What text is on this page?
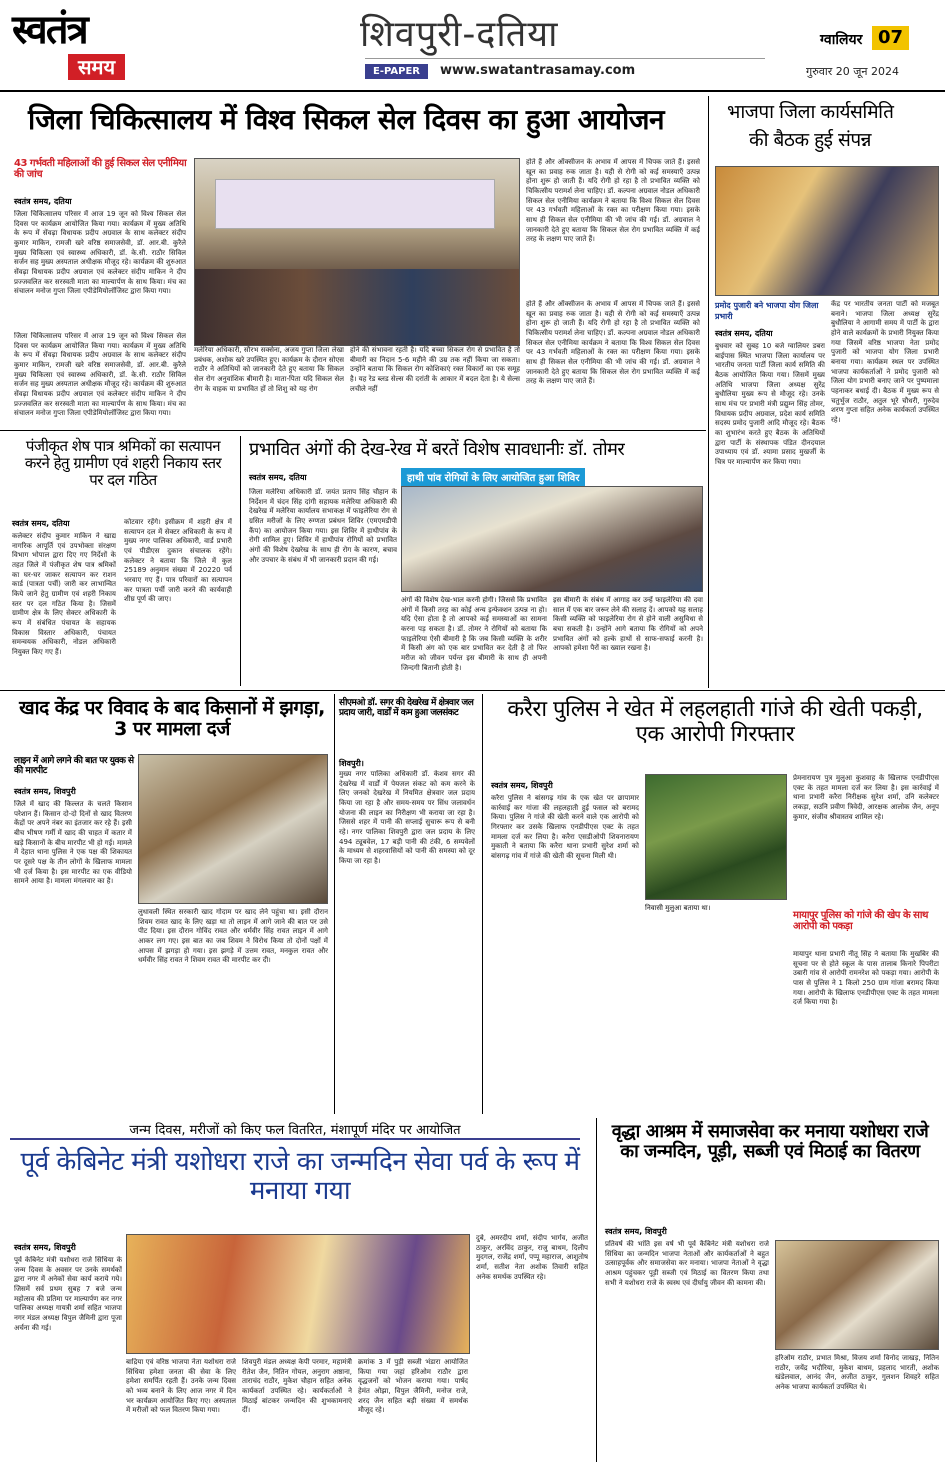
स्वतंत्र
समय
शिवपुरी-दतिया
E-PAPER	www.swatantrasamay.com
ग्वालियर 07
गुरुवार 20 जून 2024
जिला चिकित्सालय में विश्व सिकल सेल दिवस का हुआ आयोजन
43 गर्भवती महिलाओं की हुई सिकल सेल एनीमिया की जांच
स्वतंत्र समय, दतिया
जिला चिकित्सालय परिसर में आज 19 जून को विश्व सिकल सेल दिवस पर कार्यक्रम आयोजित किया गया। कार्यक्रम में मुख्य अतिथि के रूप में सेंवढ़ा विधायक प्रदीप अग्रवाल के साथ कलेक्टर संदीप कुमार माकिन, रामजी खरे वरिष्ठ समाजसेवी, डॉ. आर.बी. कुरैले मुख्य चिकित्सा एवं स्वास्थ्य अधिकारी, डॉ. के.सी. राठौर सिविल सर्जन सह मुख्य अस्पताल अधीक्षक मौजूद रहे। कार्यक्रम की शुरुआत सेंवढ़ा विधायक प्रदीप अग्रवाल एवं कलेक्टर संदीप माकिन ने दीप प्रज्जवलित कर सरस्वती माता का माल्यार्पण के साथ किया। मंच का संचालन मनोज गुप्ता जिला एपीडेमियोलॉजिस्ट द्वारा किया गया।
होते हैं और ऑक्सीजन के अभाव में आपस में चिपक जाते हैं। इससे खून का प्रवाह रुक जाता है। यही से रोगी को कई समस्याएँ उत्पन्न होना शुरू हो जाती हैं। यदि रोगी हो रहा है तो प्रभावित व्यक्ति को चिकित्सीय परामर्श लेना चाहिए। डॉ. कल्पना अग्रवाल नोडल अधिकारी सिकल सेल एनीमिया कार्यक्रम ने बताया कि विश्व सिकल सेल दिवस पर 43 गर्भवती महिलाओं के रक्त का परीक्षण किया गया। इसके साथ ही सिकल सेल एनीमिया की भी जांच की गई। डॉ. अग्रवाल ने जानकारी देते हुए बताया कि सिकल सेल रोग प्रभावित व्यक्ति में कई तरह के लक्षण पाए जाते हैं।
मलेरिया अधिकारी, सौरभ सक्सेना, अजय गुप्ता जिला लेखा प्रबंधक, अशोक खरे उपस्थित हुए। कार्यक्रम के दौरान सोएस राठौर ने अतिथियों को जानकारी देते हुए बताया कि सिकल सेल रोग अनुवांशिक बीमारी है। माता-पिता यदि सिकल सेल रोग के वाहक या प्रभावित हों तो शिशु को यह रोग
होने की संभावना रहती है। यदि बच्चा सिकल रोग से प्रभावित है तो बीमारी का निदान 5-6 महीने की उम्र तक नहीं किया जा सकता। उन्होंने बताया कि सिकल रोग कोशिकाएं रक्त विकारों का एक समूह है। यह रेड ब्लड सेल्स की दरांती के आकार में बदल देता है। ये सेल्स लचीले नहीं
होते हैं और ऑक्सीजन के अभाव में आपस में चिपक जाते हैं। इससे खून का प्रवाह रुक जाता है। यही से रोगी को कई समस्याएँ उत्पन्न होना शुरू हो जाती हैं। यदि रोगी हो रहा है तो प्रभावित व्यक्ति को चिकित्सीय परामर्श लेना चाहिए। डॉ. कल्पना अग्रवाल नोडल अधिकारी सिकल सेल एनीमिया कार्यक्रम ने बताया कि विश्व सिकल सेल दिवस पर 43 गर्भवती महिलाओं के रक्त का परीक्षण किया गया। इसके साथ ही सिकल सेल एनीमिया की भी जांच की गई। डॉ. अग्रवाल ने जानकारी देते हुए बताया कि सिकल सेल रोग प्रभावित व्यक्ति में कई तरह के लक्षण पाए जाते हैं।
जिला चिकित्सालय परिसर में आज 19 जून को विश्व सिकल सेल दिवस पर कार्यक्रम आयोजित किया गया। कार्यक्रम में मुख्य अतिथि के रूप में सेंवढ़ा विधायक प्रदीप अग्रवाल के साथ कलेक्टर संदीप कुमार माकिन, रामजी खरे वरिष्ठ समाजसेवी, डॉ. आर.बी. कुरैले मुख्य चिकित्सा एवं स्वास्थ्य अधिकारी, डॉ. के.सी. राठौर सिविल सर्जन सह मुख्य अस्पताल अधीक्षक मौजूद रहे। कार्यक्रम की शुरुआत सेंवढ़ा विधायक प्रदीप अग्रवाल एवं कलेक्टर संदीप माकिन ने दीप प्रज्जवलित कर सरस्वती माता का माल्यार्पण के साथ किया। मंच का संचालन मनोज गुप्ता जिला एपीडेमियोलॉजिस्ट द्वारा किया गया।
भाजपा जिला कार्यसमिति
की बैठक हुई संपन्न
प्रमोद पुजारी बने भाजपा योग जिला प्रभारी
स्वतंत्र समय, दतिया
बुधवार को सुबह 10 बजे ग्वालियर डबरा बाईपास स्थित भाजपा जिला कार्यालय पर भारतीय जनता पार्टी जिला कार्य समिति की बैठक आयोजित किया गया। जिसमें मुख्य अतिथि भाजपा जिला अध्यक्ष सुरेंद्र बुधौलिया मुख्य रूप से मौजूद रहे। उनके साथ मंच पर प्रभारी मंत्री प्रद्युम्न सिंह तोमर, विधायक प्रदीप अग्रवाल, प्रदेश कार्य समिति सदस्य प्रमोद पुजारी आदि मौजूद रहे। बैठक का शुभारंभ करते हुए बैठक के अतिथियों द्वारा पार्टी के संस्थापक पंडित दीनदयाल उपाध्याय एवं डॉ. श्यामा प्रसाद मुखर्जी के चित्र पर माल्यार्पण कर किया गया।
केंद्र पर भारतीय जनता पार्टी को मजबूत बनाने। भाजपा जिला अध्यक्ष सुरेंद्र बुधौलिया ने आगामी समय में पार्टी के द्वारा होने वाले कार्यक्रमों के प्रभारी नियुक्त किया गया जिसमें वरिष्ठ भाजपा नेता प्रमोद पुजारी को भाजपा योग जिला प्रभारी बनाया गया। कार्यक्रम स्थल पर उपस्थित भाजपा कार्यकर्ताओं ने प्रमोद पुजारी को जिला योग प्रभारी बनाए जाने पर पुष्पमाला पहनाकर बधाई दी। बैठक में मुख्य रूप से चतुर्भुज राठौर, अतुल भूरे चौधरी, गुरुदेव शरण गुप्ता सहित अनेक कार्यकर्ता उपस्थित रहे।
पंजीकृत शेष पात्र श्रमिकों का सत्यापन करने हेतु ग्रामीण एवं शहरी निकाय स्तर पर दल गठित
स्वतंत्र समय, दतिया
कलेक्टर संदीप कुमार माकिन ने खाद्य नागरिक आपूर्ति एवं उपभोक्ता संरक्षण विभाग भोपाल द्वारा दिए गए निर्देशों के तहत जिले में पंजीकृत शेष पात्र श्रमिकों का घर-घर जाकर सत्यापन कर राशन कार्ड (पात्रता पर्ची) जारी कर लाभान्वित किये जाने हेतु ग्रामीण एवं शहरी निकाय स्तर पर दल गठित किया है। जिसमें ग्रामीण क्षेत्र के लिए सेक्टर अधिकारी के रूप में संबंधित पंचायत के सहायक विकास विस्तार अधिकारी, पंचायत समन्वयक अधिकारी, नोडल अधिकारी नियुक्त किए गए हैं।
कोटवार रहेंगे। इसीक्रम में शहरी क्षेत्र में सत्यापन दल में सेक्टर अधिकारी के रूप में मुख्य नगर पालिका अधिकारी, वार्ड प्रभारी एवं पीडीएस दुकान संचालक रहेंगे। कलेक्टर ने बताया कि जिले में कुल 25189 अनुमान संख्या में 20220 पर्व भरवाए गए हैं। पात्र परिवारों का सत्यापन कर पात्रता पर्ची जारी करने की कार्यवाही शीघ्र पूर्ण की जाए।
प्रभावित अंगों की देख-रेख में बरतें विशेष सावधानीः डॉ. तोमर
स्वतंत्र समय, दतिया	हाथी पांव रोगियों के लिए आयोजित हुआ शिविर
जिला मलेरिया अधिकारी डॉ. जयंत प्रताप सिंह चौहान के निर्देशन में चंदन सिंह दांगी सहायक मलेरिया अधिकारी की देखरेख में मलेरिया कार्यालय सभाकक्ष में फाइलेरिया रोग से ग्रसित मरीजों के लिए रुग्णता प्रबंधन शिविर (एमएमडीपी कैंप) का आयोजन किया गया। इस शिविर में हाथीपांव के रोगी शामिल हुए। शिविर में हाथीपांव रोगियों को प्रभावित अंगों की विशेष देखरेख के साथ ही रोग के कारण, बचाव और उपचार के संबंध में भी जानकारी प्रदान की गई।
अंगों की विशेष देख-भाल करनी होगी। जिससे कि प्रभावित अंगों में किसी तरह का कोई अन्य इन्फेक्शन उत्पन्न ना हो। यदि ऐसा होता है तो आपको कई समस्याओं का सामना करना पड़ सकता है। डॉ. तोमर ने रोगियों को बताया कि फाइलेरिया ऐसी बीमारी है कि जब किसी व्यक्ति के शरीर में किसी अंग को एक बार प्रभावित कर देती है तो फिर मरीज को जीवन पर्यन्त इस बीमारी के साथ ही अपनी जिन्दगी बितानी होती है।
इस बीमारी के संबंध में आगाह कर उन्हें फाइलेरिया की दवा साल में एक बार जरूर लेने की सलाह दें। आपको यह सलाह किसी व्यक्ति को फाइलेरिया रोग से होने वाली असुविधा से बचा सकती है। उन्होंने आगे बताया कि रोगियों को अपने प्रभावित अंगों को हल्के हाथों से साफ-सफाई करनी है। आपको हमेशा पैरों का ख्याल रखना है।
खाद केंद्र पर विवाद के बाद किसानों में झगड़ा, 3 पर मामला दर्ज
लाइन में आगे लगने की बात पर युवक से की मारपीट
स्वतंत्र समय, शिवपुरी
जिले में खाद की किल्लत के चलते किसान परेशान हैं। किसान दो-दो दिनों से खाद वितरण केंद्रों पर अपने नंबर का इंतजार कर रहे हैं। इसी बीच भीषण गर्मी में खाद की चाहत में कतार में खड़े किसानों के बीच मारपीट भी हो गई। मामले में देहात थाना पुलिस ने एक पक्ष की शिकायत पर दूसरे पक्ष के तीन लोगों के खिलाफ मामला भी दर्ज किया है। इस मारपीट का एक वीडियो सामने आया है। मामला मंगलवार का है।
लुधावली स्थित सरकारी खाद गोदाम पर खाद लेने पहुंचा था। इसी दौरान शिवम रावत खाद के लिए खड़ा था तो लाइन में आगे जाने की बात पर उसे पीट दिया। इस दौरान गोविंद रावत और धर्मवीर सिंह रावत लाइन में आगे आकर लग गए। इस बात का जब शिवम ने विरोध किया तो दोनों पक्षों में आपस में झगड़ा हो गया। इस झगड़े में उत्तम रावत, मनकुल रावत और धर्मवीर सिंह रावत ने शिवम रावत की मारपीट कर दी।
सीएमओ डॉ. सगर की देखरेख में क्षेत्रवार जल प्रदाय जारी, वार्डों में कम हुआ जलसंकट
शिवपुरी।
मुख्य नगर पालिका अधिकारी डॉ. केशव सगर की देखरेख में वार्डों में पेयजल संकट को कम करने के लिए जनको देखरेख में नियमित क्षेत्रवार जल प्रदाय किया जा रहा है और समय-समय पर सिंध जलावर्धन योजना की लाइन का निरीक्षण भी कराया जा रहा है। जिससे शहर में पानी की सप्लाई सुचारू रूप से बनी रहे। नगर पालिका शिवपुरी द्वारा जल प्रदाय के लिए 494 ट्यूबवेल, 17 बड़ी पानी की टंकी, 6 सम्पवेलों के माध्यम से शहरवासियों को पानी की समस्या को दूर किया जा रहा है।
करैरा पुलिस ने खेत में लहलहाती गांजे की खेती पकड़ी, एक आरोपी गिरफ्तार
स्वतंत्र समय, शिवपुरी
करैरा पुलिस ने बांसगढ़ गांव के एक खेत पर छापामार कार्रवाई कर गांजा की लहलहाती हुई फसल को बरामद किया। पुलिस ने गांजे की खेती करने वाले एक आरोपी को गिरफ्तार कर उसके खिलाफ एनडीपीएस एक्ट के तहत मामला दर्ज कर लिया है। करैरा एसडीओपी शिवनारायण मुकाती ने बताया कि करैरा थाना प्रभारी सुरेश शर्मा को बांसगढ़ गांव में गांजे की खेती की सूचना मिली थी।
निवासी मुलुआ बताया था।
प्रेमनारायण पुत्र मुलुआ कुशवाह के खिलाफ एनडीपीएस एक्ट के तहत मामला दर्ज कर लिया है। इस कार्रवाई में थाना प्रभारी करैरा निरीक्षक सुरेश शर्मा, उनि कलेक्टर लकड़ा, सउनि प्रवीण त्रिवेदी, आरक्षक आलोक जैन, अनूप कुमार, संजीव श्रीवास्तव शामिल रहे।
मायापुर पुलिस को गांजे की खेप के साथ आरोपी को पकड़ा
मायापुर थाना प्रभारी नीतू सिंह ने बताया कि मुखबिर की सूचना पर से होते स्कूल के पास तालाब किनारे पिपरीटा उबारी गांव से आरोपी रामनरेश को पकड़ा गया। आरोपी के पास से पुलिस ने 1 किलो 250 ग्राम गांजा बरामद किया गया। आरोपी के खिलाफ एनडीपीएस एक्ट के तहत मामला दर्ज किया गया है।
जन्म दिवस, मरीजों को किए फल वितरित, मंशापूर्ण मंदिर पर आयोजित
पूर्व केबिनेट मंत्री यशोधरा राजे का जन्मदिन सेवा पर्व के रूप में मनाया गया
स्वतंत्र समय, शिवपुरी
पूर्व केबिनेट मंत्री यशोधरा राजे सिंधिया के जन्म दिवस के अवसर पर उनके समर्थकों द्वारा नगर में अनेकों सेवा कार्य कराये गये। जिसमें सर्व प्रथम सुबह 7 बजे जन्म महोत्सव की प्रतिमा पर माल्यार्पण कर नगर पालिका अध्यक्ष गायत्री शर्मा सहित भाजपा नगर मंडल अध्यक्ष विपुल जैमिनी द्वारा पूजा अर्चना की गई।
बाद्रिया एवं वरिष्ठ भाजपा नेता यशोधरा राजे सिंधिया हमेशा जनता की सेवा के लिए हमेशा समर्पित रहती हैं। उनके जन्म दिवस को भव्य बनाने के लिए आज नगर में दिन भर कार्यक्रम आयोजित किए गए। अस्पताल में मरीजों को फल वितरण किया गया।
शिवपुरी मंडल अध्यक्ष केपी परमार, महामंत्री रीतेश जैन, नितिन गोयल, अनुराग अष्ठाना, ताराचंद राठौर, मुकेश चौहान सहित अनेक कार्यकर्ता उपस्थित रहे। कार्यकर्ताओं ने मिठाई बांटकर जन्मदिन की शुभकामनाएं दीं।
क्रमांक 3 में पुड़ी सब्जी भंडारा आयोजित किया गया जहां हरिओम राठौर द्वारा वृद्धजनों को भोजन कराया गया। पार्षद हेमंत ओझा, विपुल जैमिनी, मनोज राजे, शरद जैन सहित बड़ी संख्या में समर्थक मौजूद रहे।
दुबे, अमरदीप शर्मा, संदीप भार्गव, अजीत ठाकुर, अरविंद ठाकुर, राजु बाथम, दिलीप मुदगल, राजेंद्र शर्मा, पप्पू महाराज, आशुतोष शर्मा, सतीश नेता अशोक तिवारी सहित अनेक समर्थक उपस्थित रहे।
वृद्धा आश्रम में समाजसेवा कर मनाया यशोधरा राजे का जन्मदिन, पूड़ी, सब्जी एवं मिठाई का वितरण
स्वतंत्र समय, शिवपुरी
प्रतिवर्ष की भांति इस वर्ष भी पूर्व कैबिनेट मंत्री यशोधरा राजे सिंधिया का जन्मदिन भाजपा नेताओं और कार्यकर्ताओं ने बहुत उत्साहपूर्वक और समाजसेवा कर मनाया। भाजपा नेताओं ने वृद्धा आश्रम पहुंचकर पूड़ी सब्जी एवं मिठाई का वितरण किया तथा सभी ने यशोधरा राजे के स्वस्थ एवं दीर्घायु जीवन की कामना की।
हरिओम राठौर, प्रभात मिश्रा, विजय शर्मा विनोद जाखड़, नितिन राठौर, जयेंद्र भदौरिया, मुकेश बाथम, प्रहलाद भारती, अशोक खंडेलवाल, आनंद जैन, अजीत ठाकुर, गुलशन शिवहरे सहित अनेक भाजपा कार्यकर्ता उपस्थित थे।
